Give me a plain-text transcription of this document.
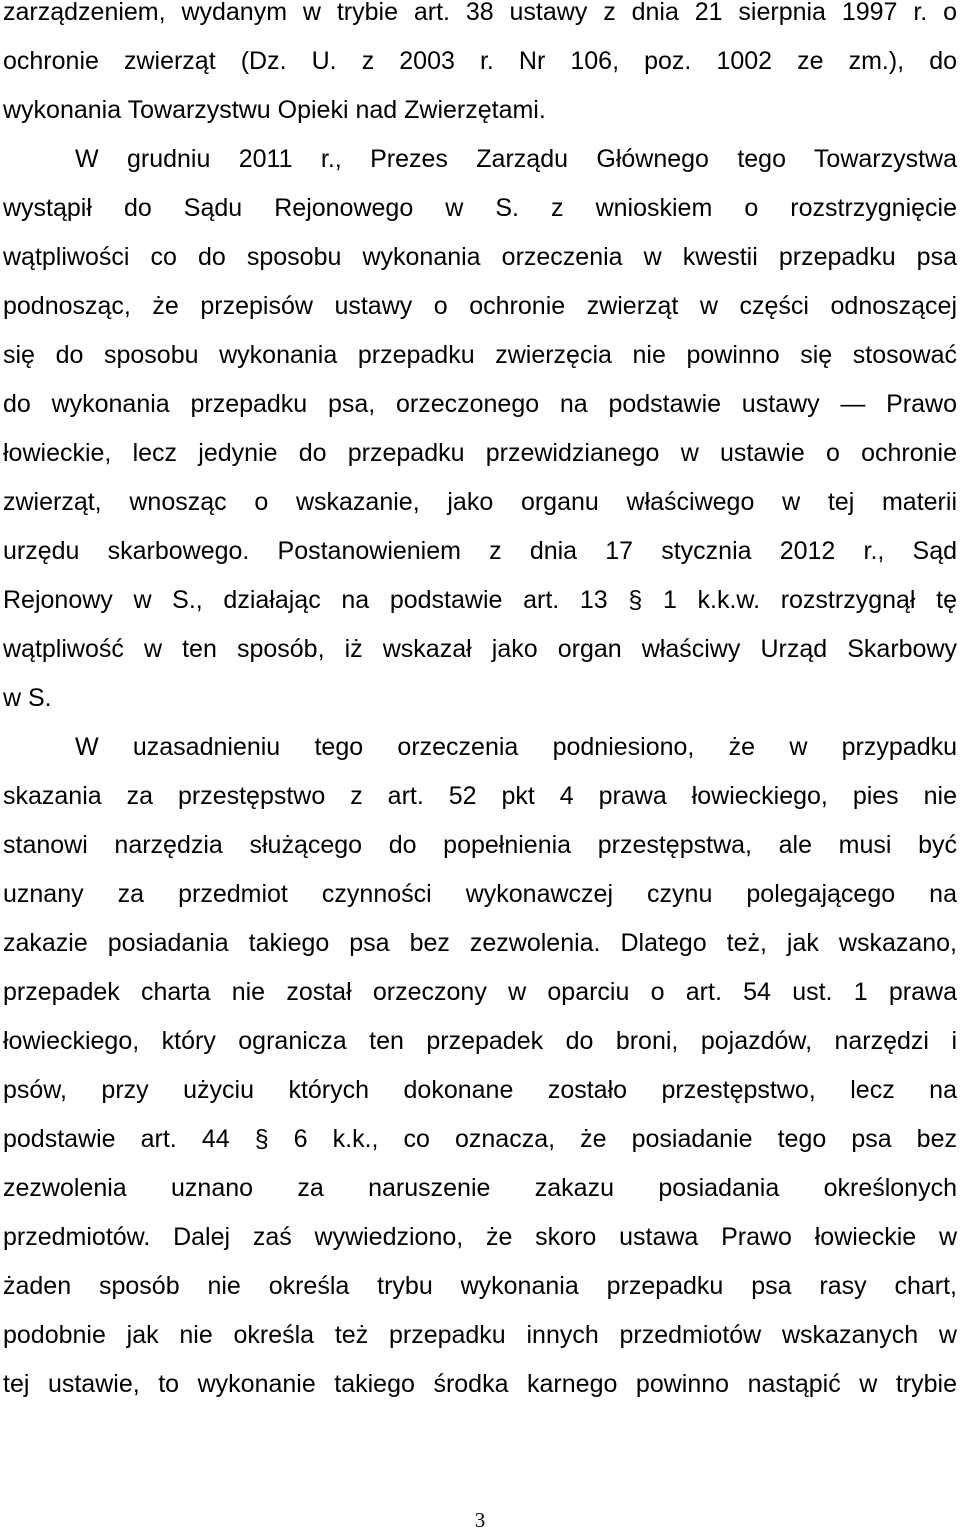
zarządzeniem, wydanym w trybie art. 38 ustawy z dnia 21 sierpnia 1997 r. o
ochronie zwierząt (Dz. U. z 2003 r. Nr 106, poz. 1002 ze zm.), do
wykonania Towarzystwu Opieki nad Zwierzętami.
W grudniu 2011 r., Prezes Zarządu Głównego tego Towarzystwa
wystąpił do Sądu Rejonowego w S. z wnioskiem o rozstrzygnięcie
wątpliwości co do sposobu wykonania orzeczenia w kwestii przepadku psa
podnosząc, że przepisów ustawy o ochronie zwierząt w części odnoszącej
się do sposobu wykonania przepadku zwierzęcia nie powinno się stosować
do wykonania przepadku psa, orzeczonego na podstawie ustawy — Prawo
łowieckie, lecz jedynie do przepadku przewidzianego w ustawie o ochronie
zwierząt, wnosząc o wskazanie, jako organu właściwego w tej materii
urzędu skarbowego. Postanowieniem z dnia 17 stycznia 2012 r., Sąd
Rejonowy w S., działając na podstawie art. 13 § 1 k.k.w. rozstrzygnął tę
wątpliwość w ten sposób, iż wskazał jako organ właściwy Urząd Skarbowy
w S.
W uzasadnieniu tego orzeczenia podniesiono, że w przypadku
skazania za przestępstwo z art. 52 pkt 4 prawa łowieckiego, pies nie
stanowi narzędzia służącego do popełnienia przestępstwa, ale musi być
uznany za przedmiot czynności wykonawczej czynu polegającego na
zakazie posiadania takiego psa bez zezwolenia. Dlatego też, jak wskazano,
przepadek charta nie został orzeczony w oparciu o art. 54 ust. 1 prawa
łowieckiego, który ogranicza ten przepadek do broni, pojazdów, narzędzi i
psów, przy użyciu których dokonane zostało przestępstwo, lecz na
podstawie art. 44 § 6 k.k., co oznacza, że posiadanie tego psa bez
zezwolenia uznano za naruszenie zakazu posiadania określonych
przedmiotów. Dalej zaś wywiedziono, że skoro ustawa Prawo łowieckie w
żaden sposób nie określa trybu wykonania przepadku psa rasy chart,
podobnie jak nie określa też przepadku innych przedmiotów wskazanych w
tej ustawie, to wykonanie takiego środka karnego powinno nastąpić w trybie
3
